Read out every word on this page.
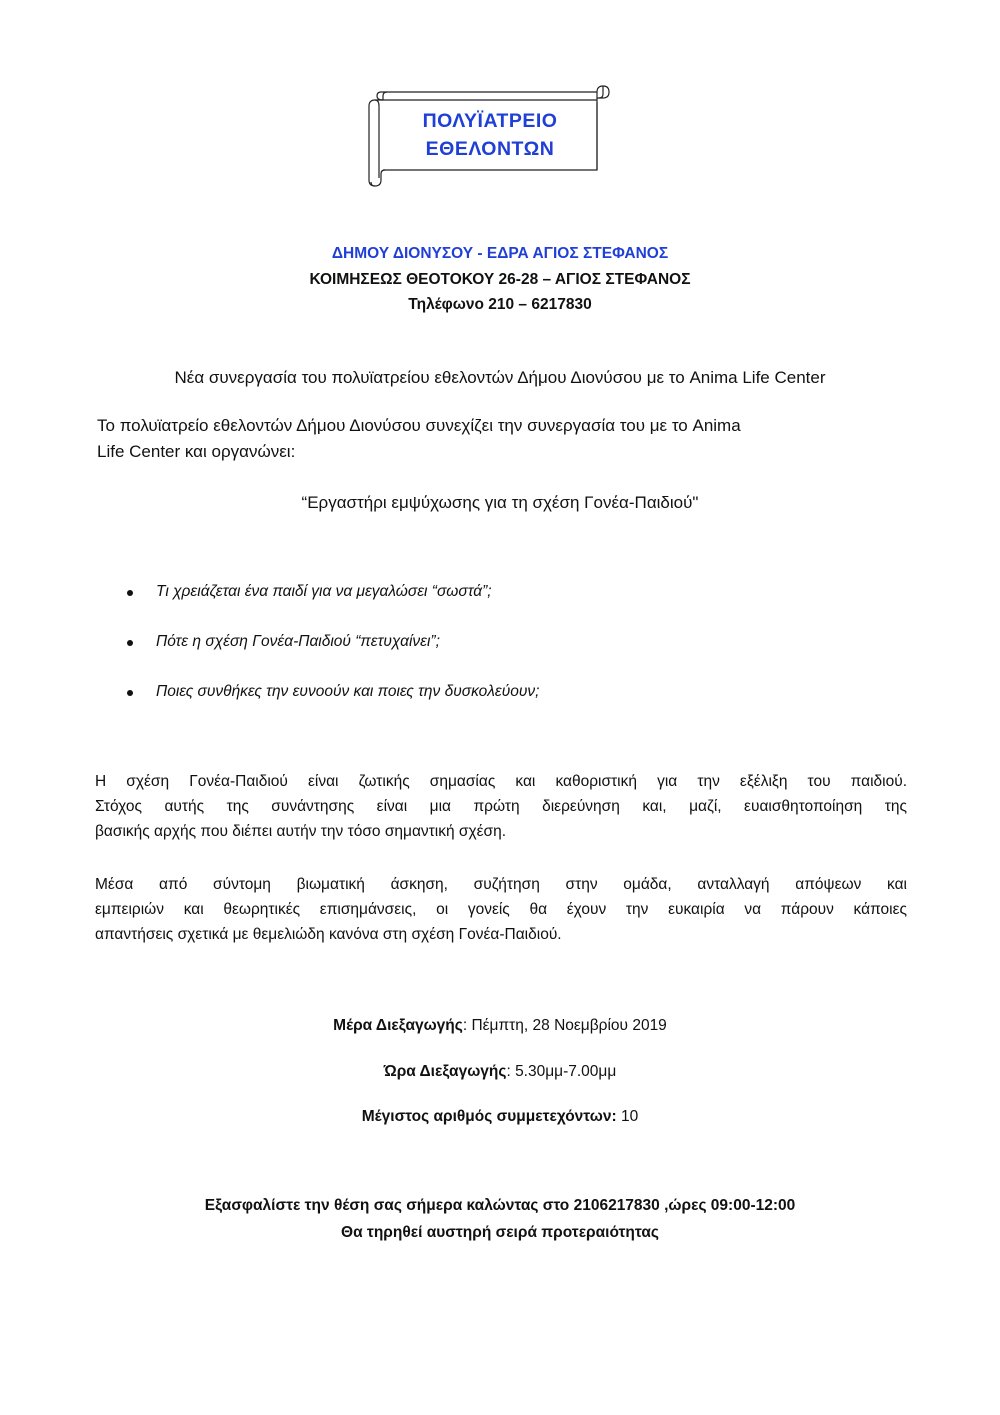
ΠΟΛΥΪΑΤΡΕΙΟ
ΕΘΕΛΟΝΤΩΝ
ΔΗΜΟΥ ΔΙΟΝΥΣΟΥ - ΕΔΡΑ ΑΓΙΟΣ ΣΤΕΦΑΝΟΣ
ΚΟΙΜΗΣΕΩΣ ΘΕΟΤΟΚΟΥ 26-28 – ΑΓΙΟΣ ΣΤΕΦΑΝΟΣ
Τηλέφωνο 210 – 6217830
Νέα συνεργασία του πολυϊατρείου εθελοντών Δήμου Διονύσου με το Anima Life Center
Το πολυϊατρείο εθελοντών Δήμου Διονύσου συνεχίζει την συνεργασία του με το Anima
Life Center και οργανώνει:
“Εργαστήρι εμψύχωσης για τη σχέση Γονέα-Παιδιού"
Τι χρειάζεται ένα παιδί για να μεγαλώσει “σωστά”;
Πότε η σχέση Γονέα-Παιδιού “πετυχαίνει”;
Ποιες συνθήκες την ευνοούν και ποιες την δυσκολεύουν;
Η σχέση Γονέα-Παιδιού είναι ζωτικής σημασίας και καθοριστική για την εξέλιξη του παιδιού.
Στόχος αυτής της συνάντησης είναι μια πρώτη διερεύνηση και, μαζί, ευαισθητοποίηση της
βασικής αρχής που διέπει αυτήν την τόσο σημαντική σχέση.
Μέσα από σύντομη βιωματική άσκηση, συζήτηση στην ομάδα, ανταλλαγή απόψεων και
εμπειριών και θεωρητικές επισημάνσεις, οι γονείς θα έχουν την ευκαιρία να πάρουν κάποιες
απαντήσεις σχετικά με θεμελιώδη κανόνα στη σχέση Γονέα-Παιδιού.
Μέρα Διεξαγωγής: Πέμπτη, 28 Νοεμβρίου 2019
Ώρα Διεξαγωγής: 5.30μμ-7.00μμ
Μέγιστος αριθμός συμμετεχόντων: 10
Εξασφαλίστε την θέση σας σήμερα καλώντας στο 2106217830 ,ώρες 09:00-12:00
Θα τηρηθεί αυστηρή σειρά προτεραιότητας
